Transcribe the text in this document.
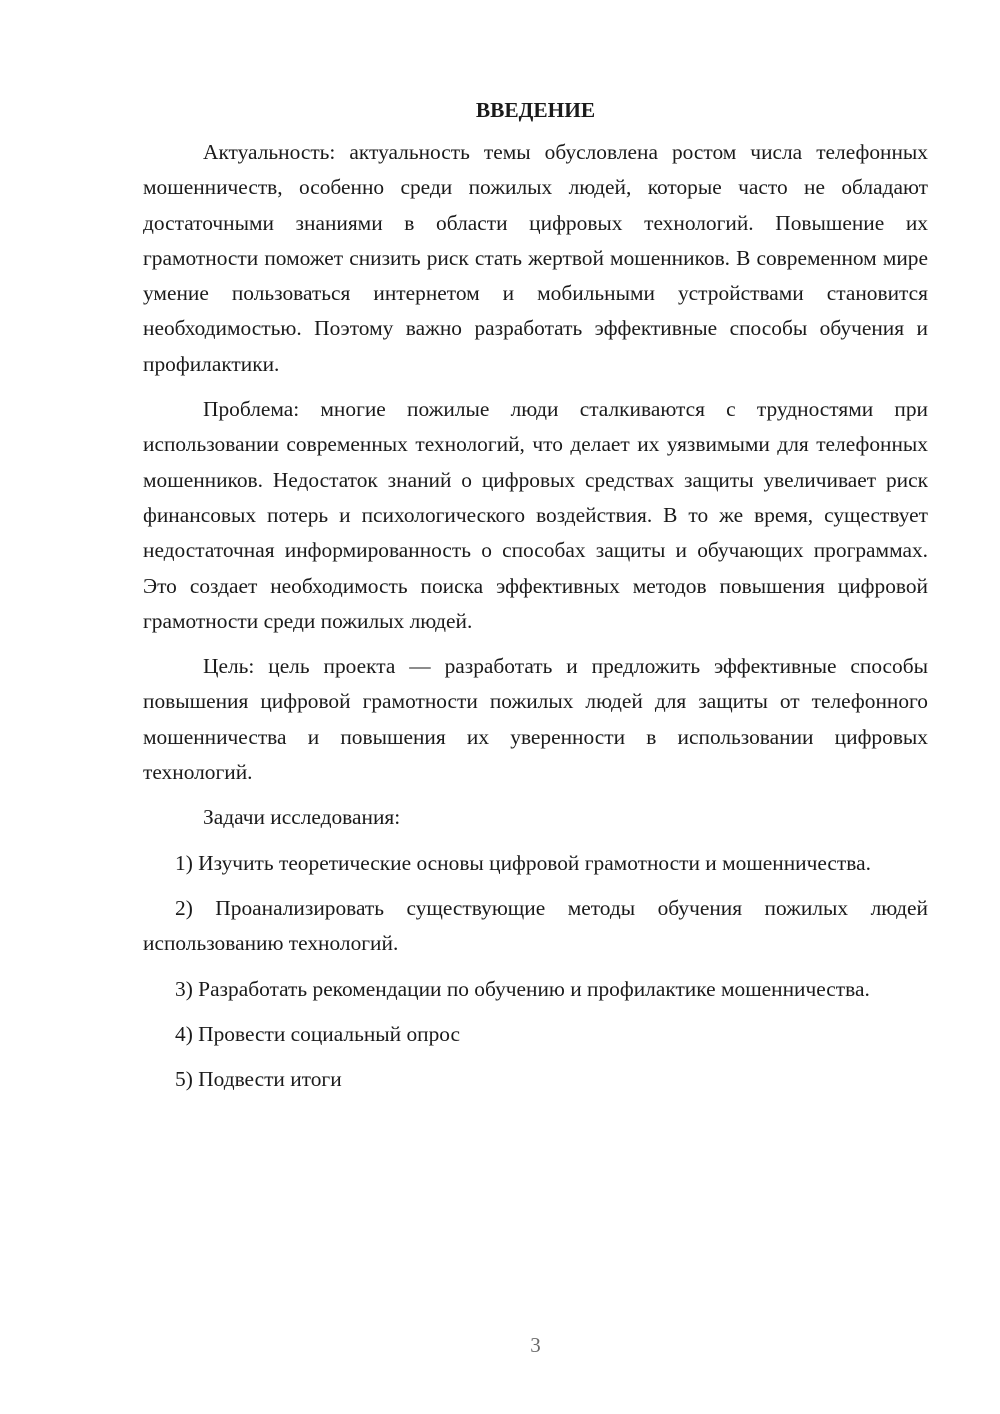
ВВЕДЕНИЕ

Актуальность: актуальность темы обусловлена ростом числа телефонных мошенничеств, особенно среди пожилых людей, которые часто не обладают достаточными знаниями в области цифровых технологий. Повышение их грамотности поможет снизить риск стать жертвой мошенников. В современном мире умение пользоваться интернетом и мобильными устройствами становится необходимостью. Поэтому важно разработать эффективные способы обучения и профилактики.

Проблема: многие пожилые люди сталкиваются с трудностями при использовании современных технологий, что делает их уязвимыми для телефонных мошенников. Недостаток знаний о цифровых средствах защиты увеличивает риск финансовых потерь и психологического воздействия. В то же время, существует недостаточная информированность о способах защиты и обучающих программах. Это создает необходимость поиска эффективных методов повышения цифровой грамотности среди пожилых людей.

Цель: цель проекта — разработать и предложить эффективные способы повышения цифровой грамотности пожилых людей для защиты от телефонного мошенничества и повышения их уверенности в использовании цифровых технологий.

Задачи исследования:

1) Изучить теоретические основы цифровой грамотности и мошенничества.

2) Проанализировать существующие методы обучения пожилых людей использованию технологий.

3) Разработать рекомендации по обучению и профилактике мошенничества.

4) Провести социальный опрос

5) Подвести итоги

3
